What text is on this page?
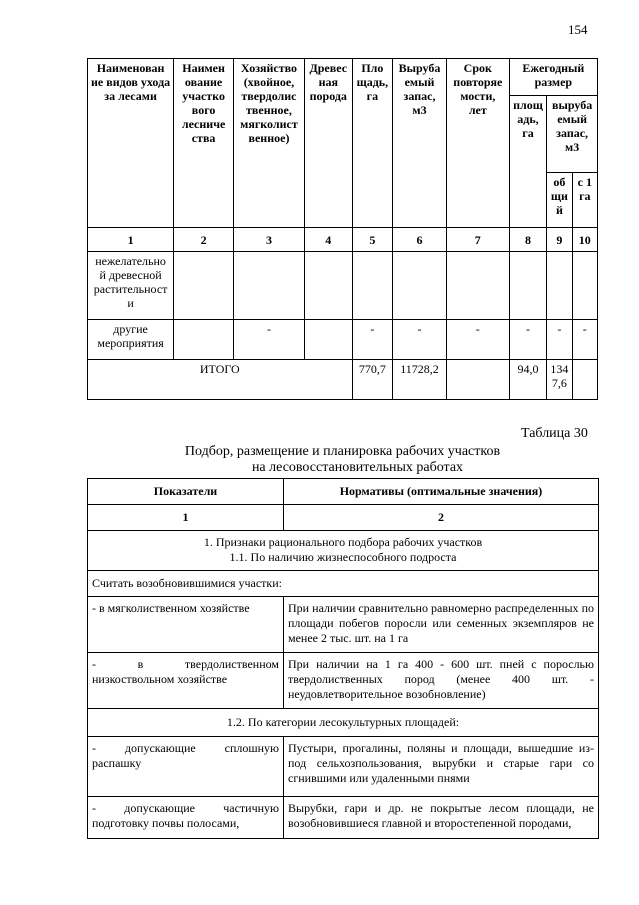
154
Наименован ие видов ухода за лесами	Наимен ование участко вого лесниче ства	Хозяйство (хвойное, твердолис твенное, мягколист венное)	Древес ная порода	Пло щадь, га	Выруба емый запас, м3	Срок повторяе мости, лет	Ежегодный размер		
							площ адь, га	выруба емый запас, м3	
								об щи й	с 1 га
1	2	3	4	5	6	7	8	9	10
нежелательно й древесной растительност и									
другие мероприятия		-		-	-	-	-	-	-
ИТОГО				770,7	11728,2		94,0	134 7,6	
Таблица 30
Подбор, размещение и планировка рабочих участков
на лесовосстановительных работах
Показатели	Нормативы (оптимальные значения)
1	2

1. Признаки рационального подбора рабочих участков
1.1. По наличию жизнеспособного подроста	

Считать возобновившимися участки:	
- в мягколиственном хозяйстве	При наличии сравнительно равномерно распределенных по площади побегов поросли или семенных экземпляров не менее 2 тыс. шт. на 1 га
- в твердолиственном низкоствольном хозяйстве	При наличии на 1 га 400 - 600 шт. пней с порослью твердолиственных пород (менее 400 шт. - неудовлетворительное возобновление)
1.2. По категории лесокультурных площадей:	
- допускающие сплошную распашку	Пустыри, прогалины, поляны и площади, вышедшие из-под сельхозпользования, вырубки и старые гари со сгнившими или удаленными пнями
- допускающие частичную подготовку почвы полосами,	Вырубки, гари и др. не покрытые лесом площади, не возобновившиеся главной и второстепенной породами,
